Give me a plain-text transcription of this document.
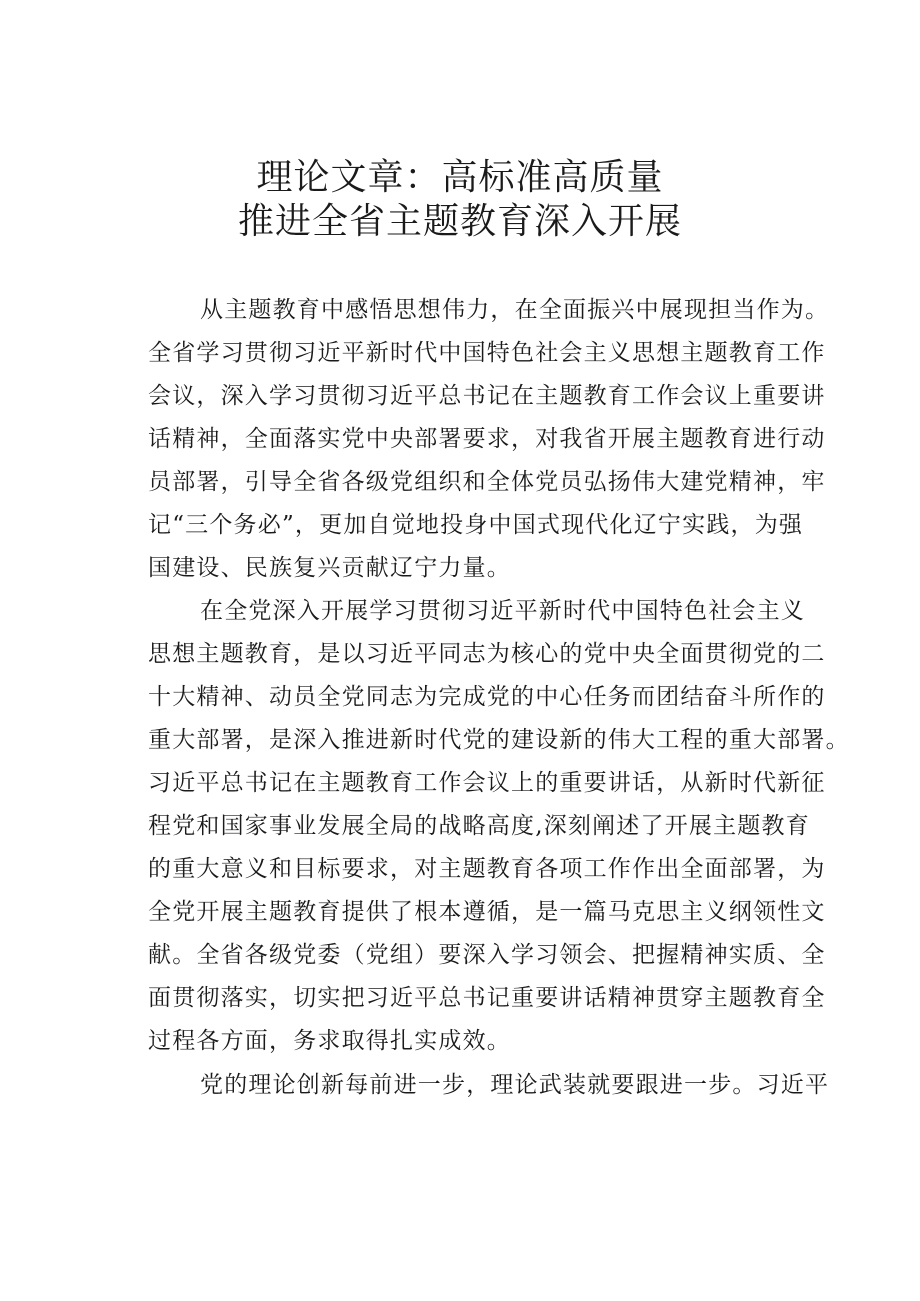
理论文章：高标准高质量
推进全省主题教育深入开展
从主题教育中感悟思想伟力，在全面振兴中展现担当作为。
全省学习贯彻习近平新时代中国特色社会主义思想主题教育工作
会议，深入学习贯彻习近平总书记在主题教育工作会议上重要讲
话精神，全面落实党中央部署要求，对我省开展主题教育进行动
员部署，引导全省各级党组织和全体党员弘扬伟大建党精神，牢
记“三个务必”，更加自觉地投身中国式现代化辽宁实践，为强
国建设、民族复兴贡献辽宁力量。
在全党深入开展学习贯彻习近平新时代中国特色社会主义
思想主题教育，是以习近平同志为核心的党中央全面贯彻党的二
十大精神、动员全党同志为完成党的中心任务而团结奋斗所作的
重大部署，是深入推进新时代党的建设新的伟大工程的重大部署。
习近平总书记在主题教育工作会议上的重要讲话，从新时代新征
程党和国家事业发展全局的战略高度,深刻阐述了开展主题教育
的重大意义和目标要求，对主题教育各项工作作出全面部署，为
全党开展主题教育提供了根本遵循，是一篇马克思主义纲领性文
献。全省各级党委（党组）要深入学习领会、把握精神实质、全
面贯彻落实，切实把习近平总书记重要讲话精神贯穿主题教育全
过程各方面，务求取得扎实成效。
党的理论创新每前进一步，理论武装就要跟进一步。习近平
